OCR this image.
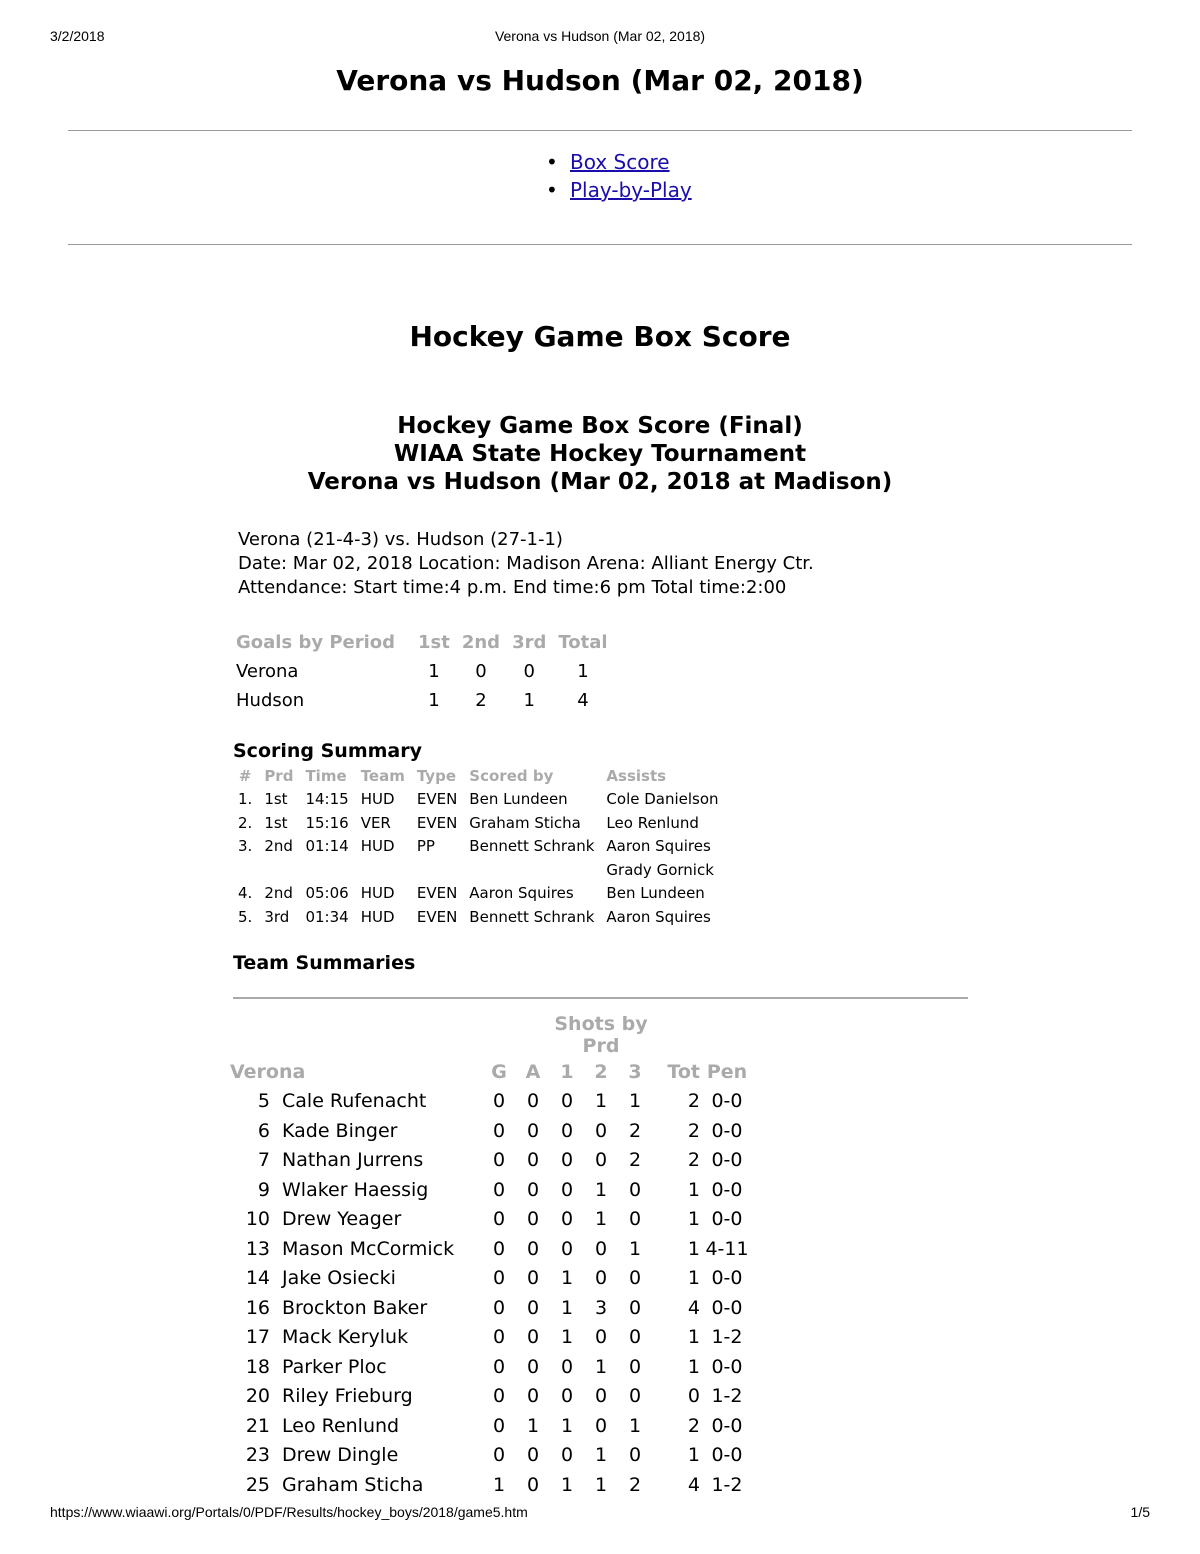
3/2/2018	Verona vs Hudson (Mar 02, 2018)
Verona vs Hudson (Mar 02, 2018)
• Box Score
• Play-by-Play
Hockey Game Box Score
Hockey Game Box Score (Final)
WIAA State Hockey Tournament
Verona vs Hudson (Mar 02, 2018 at Madison)
Verona (21-4-3) vs. Hudson (27-1-1)
Date: Mar 02, 2018 Location: Madison Arena: Alliant Energy Ctr.
Attendance: Start time:4 p.m. End time:6 pm Total time:2:00
Goals by Period	1st	2nd	3rd	Total
Verona	1	0	0	1
Hudson	1	2	1	4
Scoring Summary
#	Prd	Time	Team	Type	Scored by	Assists
1.	1st	14:15	HUD	EVEN	Ben Lundeen	Cole Danielson
2.	1st	15:16	VER	EVEN	Graham Sticha	Leo Renlund
3.	2nd	01:14	HUD	PP	Bennett Schrank	Aaron Squires
						Grady Gornick
4.	2nd	05:06	HUD	EVEN	Aaron Squires	Ben Lundeen
5.	3rd	01:34	HUD	EVEN	Bennett Schrank	Aaron Squires
Team Summaries
				Shots by Prd				
Verona		G	A	1	2	3	Tot	Pen
5	Cale Rufenacht	0	0	0	1	1	2	0-0
6	Kade Binger	0	0	0	0	2	2	0-0
7	Nathan Jurrens	0	0	0	0	2	2	0-0
9	Wlaker Haessig	0	0	0	1	0	1	0-0
10	Drew Yeager	0	0	0	1	0	1	0-0
13	Mason McCormick	0	0	0	0	1	1	4-11
14	Jake Osiecki	0	0	1	0	0	1	0-0
16	Brockton Baker	0	0	1	3	0	4	0-0
17	Mack Keryluk	0	0	1	0	0	1	1-2
18	Parker Ploc	0	0	0	1	0	1	0-0
20	Riley Frieburg	0	0	0	0	0	0	1-2
21	Leo Renlund	0	1	1	0	1	2	0-0
23	Drew Dingle	0	0	0	1	0	1	0-0
25	Graham Sticha	1	0	1	1	2	4	1-2
https://www.wiaawi.org/Portals/0/PDF/Results/hockey_boys/2018/game5.htm	1/5
